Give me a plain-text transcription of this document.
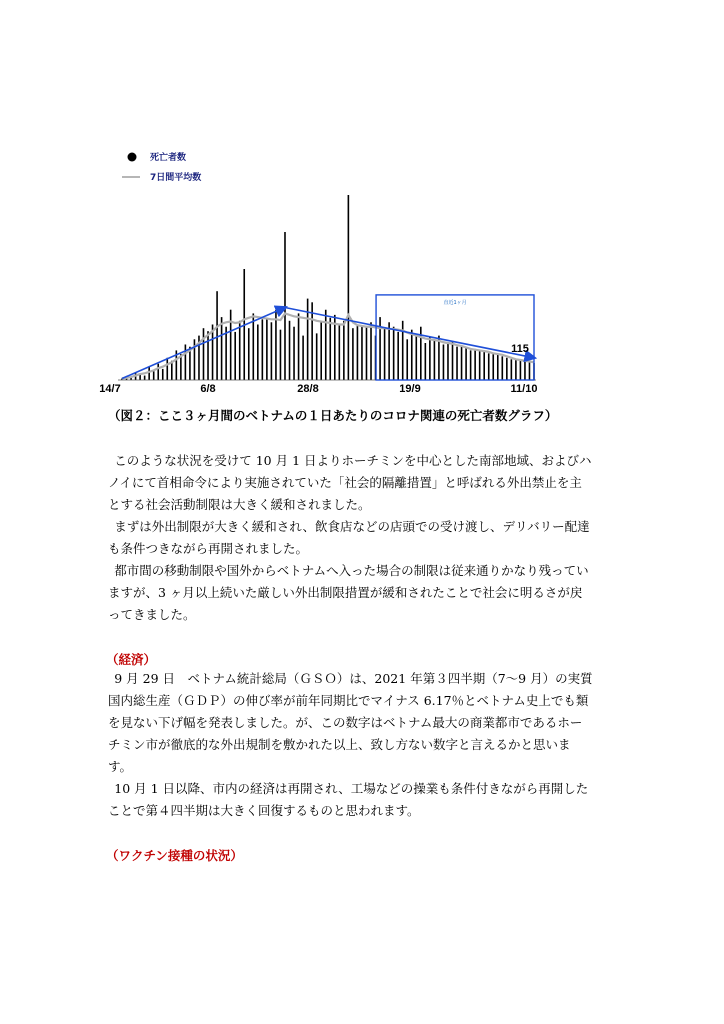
死亡者数
7日間平均数
直近1ヶ月
115
14/7	6/8	28/8	19/9	11/10
（図２：ここ３ヶ月間のベトナムの１日あたりのコロナ関連の死亡者数グラフ）

このような状況を受けて 10 月 1 日よりホーチミンを中心とした南部地域、およびハ
ノイにて首相命令により実施されていた「社会的隔離措置」と呼ばれる外出禁止を主
とする社会活動制限は大きく緩和されました。

まずは外出制限が大きく緩和され、飲食店などの店頭での受け渡し、デリバリー配達
も条件つきながら再開されました。

都市間の移動制限や国外からベトナムへ入った場合の制限は従来通りかなり残ってい
ますが、3 ヶ月以上続いた厳しい外出制限措置が緩和されたことで社会に明るさが戻
ってきました。

（経済）

9 月 29 日　ベトナム統計総局（ＧＳＯ）は、2021 年第３四半期（7〜9 月）の実質
国内総生産（ＧＤＰ）の伸び率が前年同期比でマイナス 6.17％とベトナム史上でも類
を見ない下げ幅を発表しました。が、この数字はベトナム最大の商業都市であるホー
チミン市が徹底的な外出規制を敷かれた以上、致し方ない数字と言えるかと思いま
す。

10 月 1 日以降、市内の経済は再開され、工場などの操業も条件付きながら再開した
ことで第４四半期は大きく回復するものと思われます。

（ワクチン接種の状況）
